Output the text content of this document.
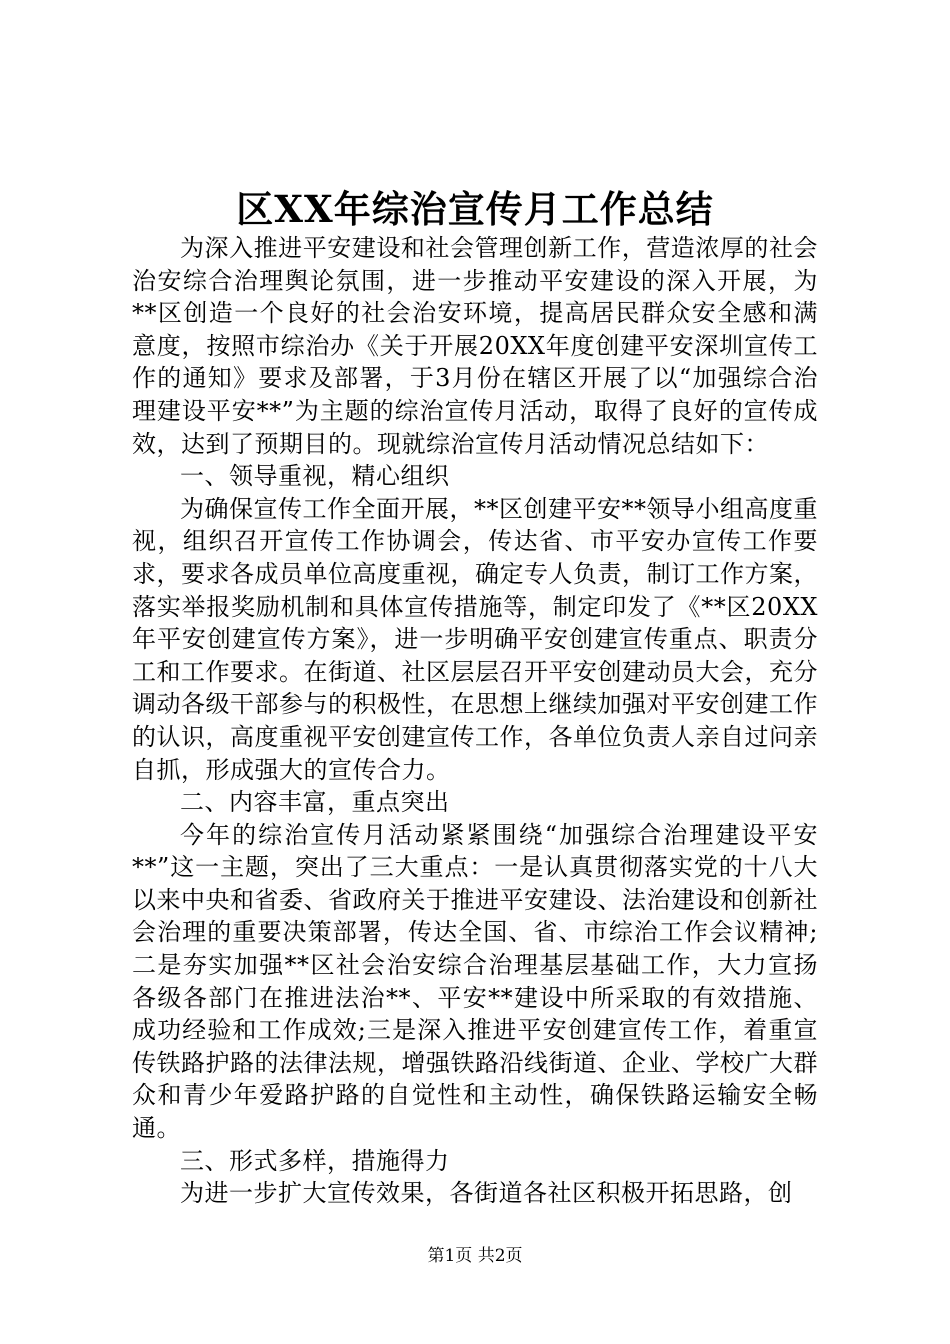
区XX年综治宣传月工作总结

为深入推进平安建设和社会管理创新工作，营造浓厚的社会治安综合治理舆论氛围，进一步推动平安建设的深入开展，为**区创造一个良好的社会治安环境，提高居民群众安全感和满意度，按照市综治办《关于开展20XX年度创建平安深圳宣传工作的通知》要求及部署，于3月份在辖区开展了以“加强综合治理建设平安**”为主题的综治宣传月活动，取得了良好的宣传成效，达到了预期目的。现就综治宣传月活动情况总结如下：

一、领导重视，精心组织

为确保宣传工作全面开展，**区创建平安**领导小组高度重视，组织召开宣传工作协调会，传达省、市平安办宣传工作要求，要求各成员单位高度重视，确定专人负责，制订工作方案，落实举报奖励机制和具体宣传措施等，制定印发了《**区20XX年平安创建宣传方案》，进一步明确平安创建宣传重点、职责分工和工作要求。在街道、社区层层召开平安创建动员大会，充分调动各级干部参与的积极性，在思想上继续加强对平安创建工作的认识，高度重视平安创建宣传工作，各单位负责人亲自过问亲自抓，形成强大的宣传合力。

二、内容丰富，重点突出

今年的综治宣传月活动紧紧围绕“加强综合治理建设平安**”这一主题，突出了三大重点：一是认真贯彻落实党的十八大以来中央和省委、省政府关于推进平安建设、法治建设和创新社会治理的重要决策部署，传达全国、省、市综治工作会议精神;二是夯实加强**区社会治安综合治理基层基础工作，大力宣扬各级各部门在推进法治**、平安**建设中所采取的有效措施、成功经验和工作成效;三是深入推进平安创建宣传工作，着重宣传铁路护路的法律法规，增强铁路沿线街道、企业、学校广大群众和青少年爱路护路的自觉性和主动性，确保铁路运输安全畅通。

三、形式多样，措施得力

为进一步扩大宣传效果，各街道各社区积极开拓思路，创

第1页 共2页
